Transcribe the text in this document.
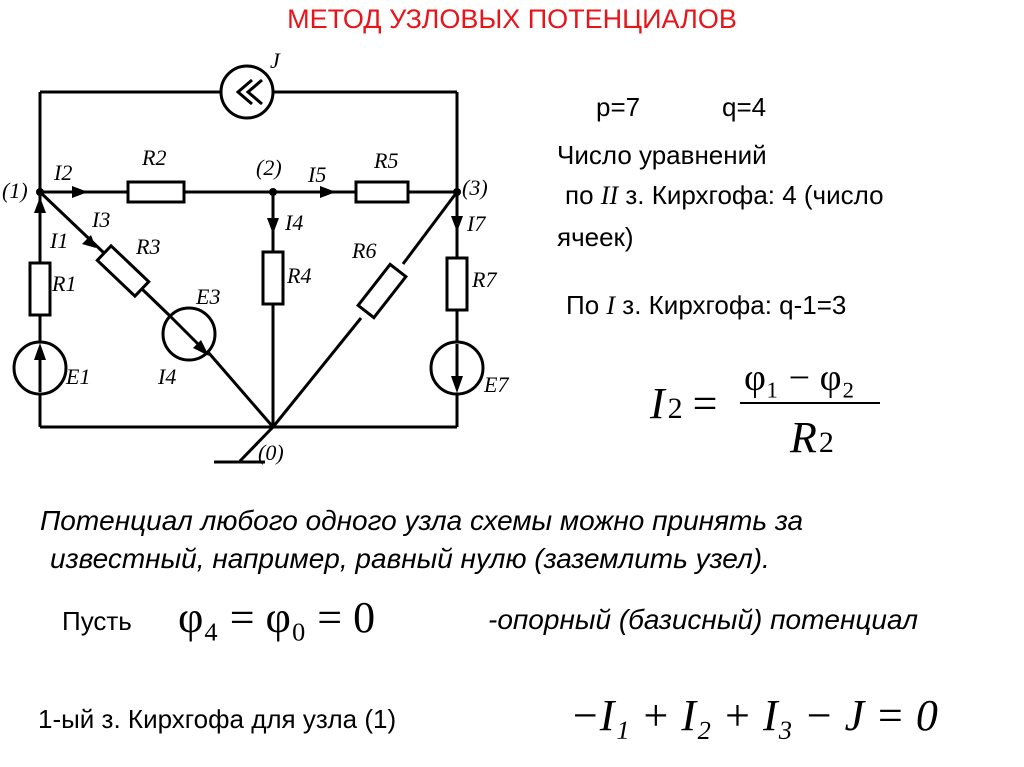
МЕТОД УЗЛОВЫХ ПОТЕНЦИАЛОВ
J
(1)
(2)
(3)
(0)
R2	R5
R1
R3
R4
R6
R7
E1
E3
E7
I1
I2
I3	I4
I5
I7
I4
p=7	q=4
Число уравнений
по II з. Кирхгофа: 4 (число
ячеек)
По I з. Кирхгофа: q-1=3
I 2 =
φ₁ − φ₂
R2
Потенциал любого одного узла схемы можно принять за
известный, например, равный нулю (заземлить узел).
Пусть φ₄ = φ₀ = 0	-опорный (базисный) потенциал
1-ый з. Кирхгофа для узла (1)	−I₁ + I₂ + I₃ − J = 0
